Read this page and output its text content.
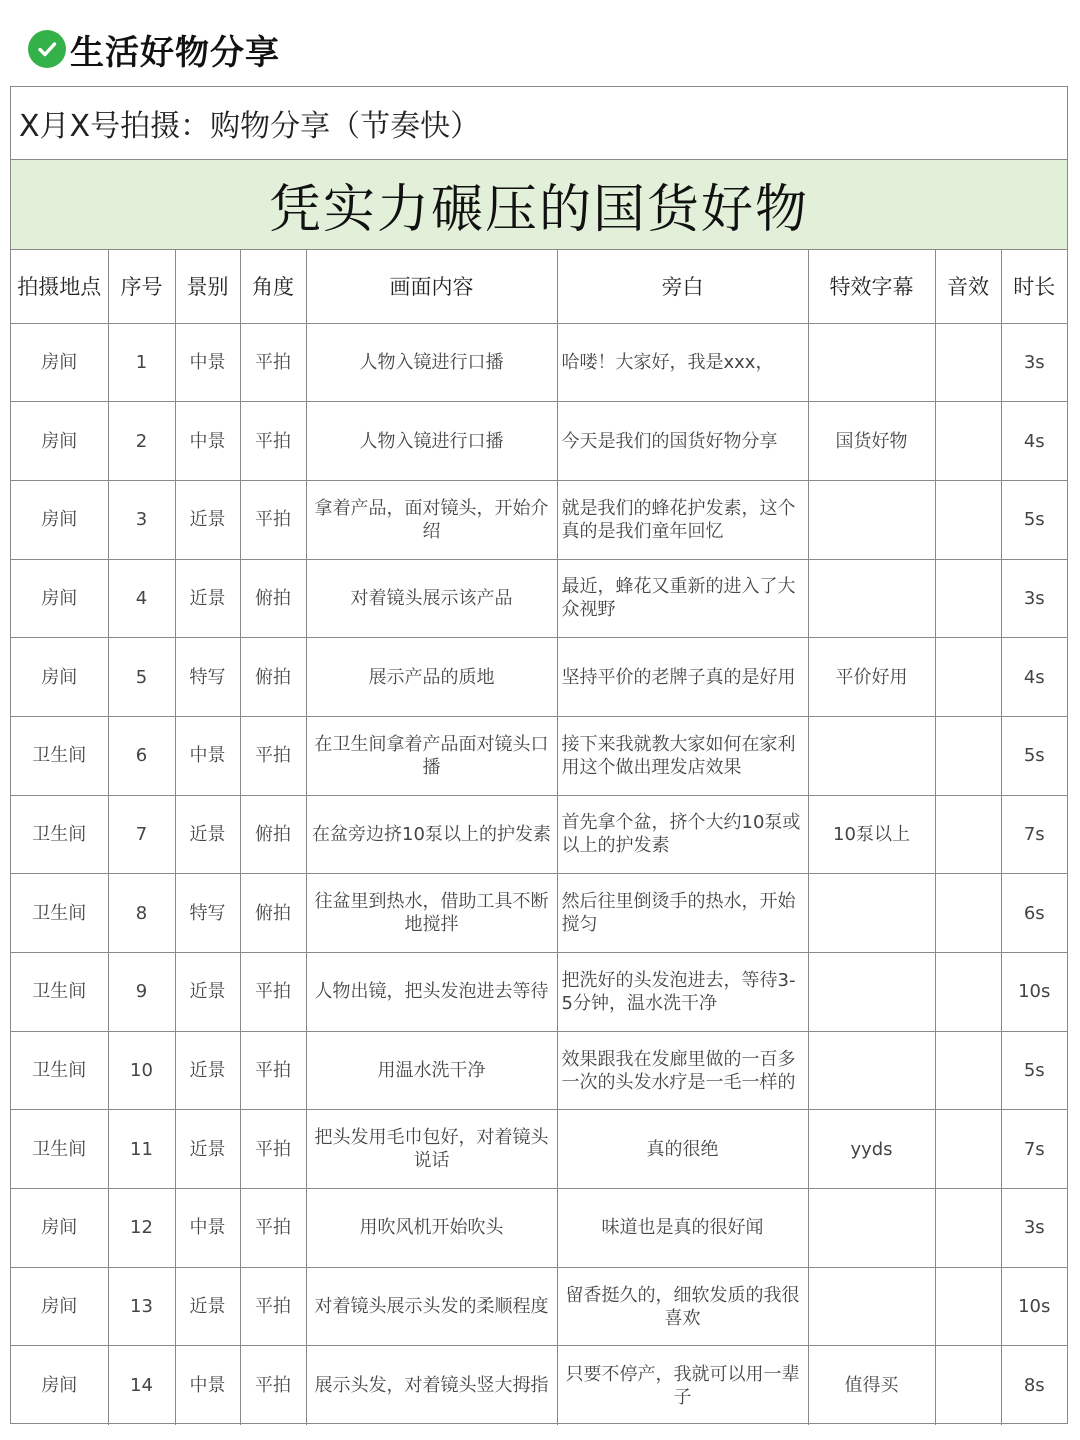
生活好物分享
X月X号拍摄：购物分享（节奏快）
凭实力碾压的国货好物
拍摄地点	序号	景别	角度	画面内容	旁白	特效字幕	音效	时长
房间	1	中景	平拍	人物入镜进行口播	哈喽！大家好，我是xxx，			3s
房间	2	中景	平拍	人物入镜进行口播	今天是我们的国货好物分享	国货好物		4s
房间	3	近景	平拍	拿着产品，面对镜头，开始介绍	就是我们的蜂花护发素，这个真的是我们童年回忆			5s
房间	4	近景	俯拍	对着镜头展示该产品	最近，蜂花又重新的进入了大众视野			3s
房间	5	特写	俯拍	展示产品的质地	坚持平价的老牌子真的是好用	平价好用		4s
卫生间	6	中景	平拍	在卫生间拿着产品面对镜头口播	接下来我就教大家如何在家利用这个做出理发店效果			5s
卫生间	7	近景	俯拍	在盆旁边挤10泵以上的护发素	首先拿个盆，挤个大约10泵或以上的护发素	10泵以上		7s
卫生间	8	特写	俯拍	往盆里到热水，借助工具不断地搅拌	然后往里倒烫手的热水，开始搅匀			6s
卫生间	9	近景	平拍	人物出镜，把头发泡进去等待	把洗好的头发泡进去，等待3-5分钟，温水洗干净			10s
卫生间	10	近景	平拍	用温水洗干净	效果跟我在发廊里做的一百多一次的头发水疗是一毛一样的			5s
卫生间	11	近景	平拍	把头发用毛巾包好，对着镜头说话	真的很绝	yyds		7s
房间	12	中景	平拍	用吹风机开始吹头	味道也是真的很好闻			3s
房间	13	近景	平拍	对着镜头展示头发的柔顺程度	留香挺久的，细软发质的我很喜欢			10s
房间	14	中景	平拍	展示头发，对着镜头竖大拇指	只要不停产，我就可以用一辈子	值得买		8s
